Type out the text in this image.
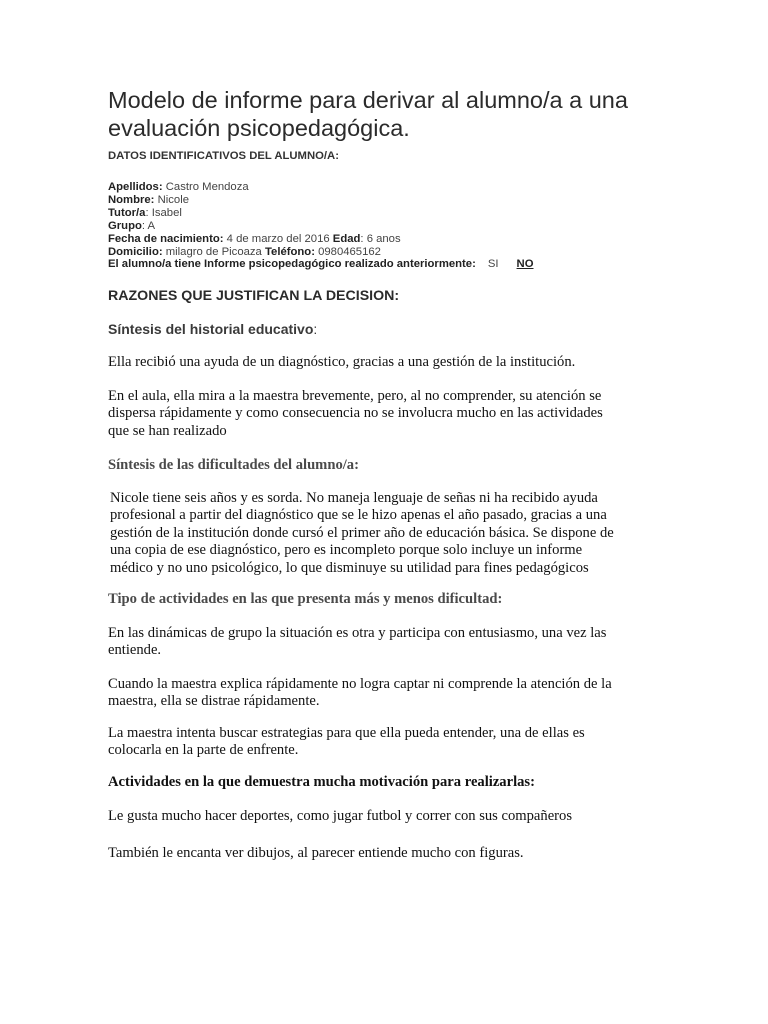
Modelo de informe para derivar al alumno/a a una evaluación psicopedagógica.
DATOS IDENTIFICATIVOS DEL ALUMNO/A:
Apellidos: Castro Mendoza
Nombre: Nicole
Tutor/a: Isabel
Grupo: A
Fecha de nacimiento: 4 de marzo del 2016 Edad: 6 anos
Domicilio: milagro de Picoaza Teléfono: 0980465162
El alumno/a tiene Informe psicopedagógico realizado anteriormente: SI NO
RAZONES QUE JUSTIFICAN LA DECISION:
Síntesis del historial educativo:

Ella recibió una ayuda de un diagnóstico, gracias a una gestión de la institución.

En el aula, ella mira a la maestra brevemente, pero, al no comprender, su atención se
dispersa rápidamente y como consecuencia no se involucra mucho en las actividades
que se han realizado
Síntesis de las dificultades del alumno/a:
Nicole tiene seis años y es sorda. No maneja lenguaje de señas ni ha recibido ayuda
profesional a partir del diagnóstico que se le hizo apenas el año pasado, gracias a una
gestión de la institución donde cursó el primer año de educación básica. Se dispone de
una copia de ese diagnóstico, pero es incompleto porque solo incluye un informe
médico y no uno psicológico, lo que disminuye su utilidad para fines pedagógicos
Tipo de actividades en las que presenta más y menos dificultad:
En las dinámicas de grupo la situación es otra y participa con entusiasmo, una vez las
entiende.
Cuando la maestra explica rápidamente no logra captar ni comprende la atención de la
maestra, ella se distrae rápidamente.
La maestra intenta buscar estrategias para que ella pueda entender, una de ellas es
colocarla en la parte de enfrente.
Actividades en la que demuestra mucha motivación para realizarlas:

Le gusta mucho hacer deportes, como jugar futbol y correr con sus compañeros

También le encanta ver dibujos, al parecer entiende mucho con figuras.
